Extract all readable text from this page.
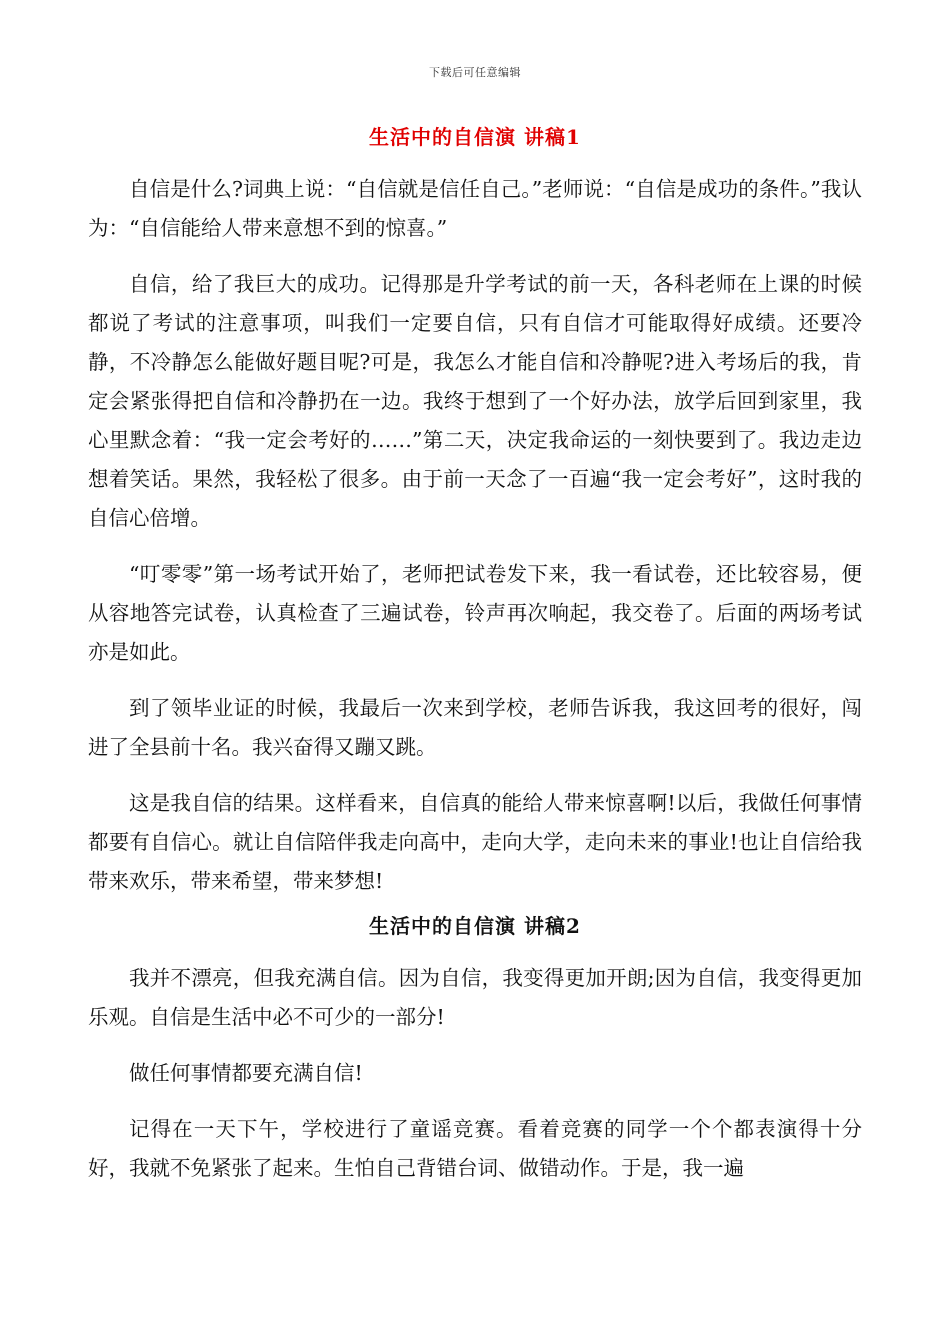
下载后可任意编辑
生活中的自信演 讲稿1

自信是什么?词典上说：“自信就是信任自己。”老师说：“自信是成功的条件。”我认为：“自信能给人带来意想不到的惊喜。”

自信，给了我巨大的成功。记得那是升学考试的前一天，各科老师在上课的时候都说了考试的注意事项，叫我们一定要自信，只有自信才可能取得好成绩。还要冷静，不冷静怎么能做好题目呢?可是，我怎么才能自信和冷静呢?进入考场后的我，肯定会紧张得把自信和冷静扔在一边。我终于想到了一个好办法，放学后回到家里，我心里默念着：“我一定会考好的……”第二天，决定我命运的一刻快要到了。我边走边想着笑话。果然，我轻松了很多。由于前一天念了一百遍“我一定会考好”，这时我的自信心倍增。

“叮零零”第一场考试开始了，老师把试卷发下来，我一看试卷，还比较容易，便从容地答完试卷，认真检查了三遍试卷，铃声再次响起，我交卷了。后面的两场考试亦是如此。

到了领毕业证的时候，我最后一次来到学校，老师告诉我，我这回考的很好，闯进了全县前十名。我兴奋得又蹦又跳。

这是我自信的结果。这样看来，自信真的能给人带来惊喜啊!以后，我做任何事情都要有自信心。就让自信陪伴我走向高中，走向大学，走向未来的事业!也让自信给我带来欢乐，带来希望，带来梦想!

生活中的自信演 讲稿2

我并不漂亮，但我充满自信。因为自信，我变得更加开朗;因为自信，我变得更加乐观。自信是生活中必不可少的一部分!

做任何事情都要充满自信!

记得在一天下午，学校进行了童谣竞赛。看着竞赛的同学一个个都表演得十分好，我就不免紧张了起来。生怕自己背错台词、做错动作。于是，我一遍
